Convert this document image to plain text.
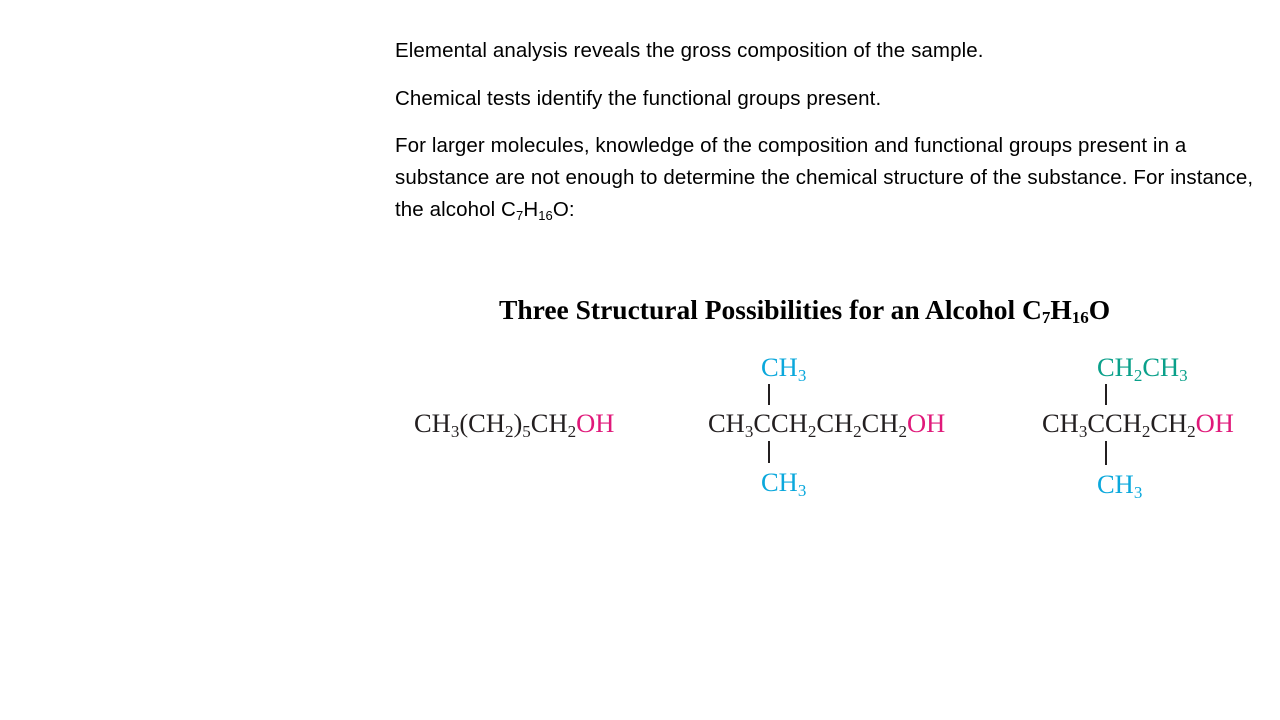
Elemental analysis reveals the gross composition of the sample.

Chemical tests identify the functional groups present.

For larger molecules, knowledge of the composition and functional groups present in a substance are not enough to determine the chemical structure of the substance. For instance, the alcohol $C_7H_{16}O$:

Three Structural Possibilities for an Alcohol $C_7H_{16}O$
$CH_3(CH_2)_5CH_2OH$
$CH_3$
$CH_3CCH_2CH_2CH_2OH$
$CH_3$
$CH_2CH_3$
$CH_3CCH_2CH_2OH$
$CH_3$
